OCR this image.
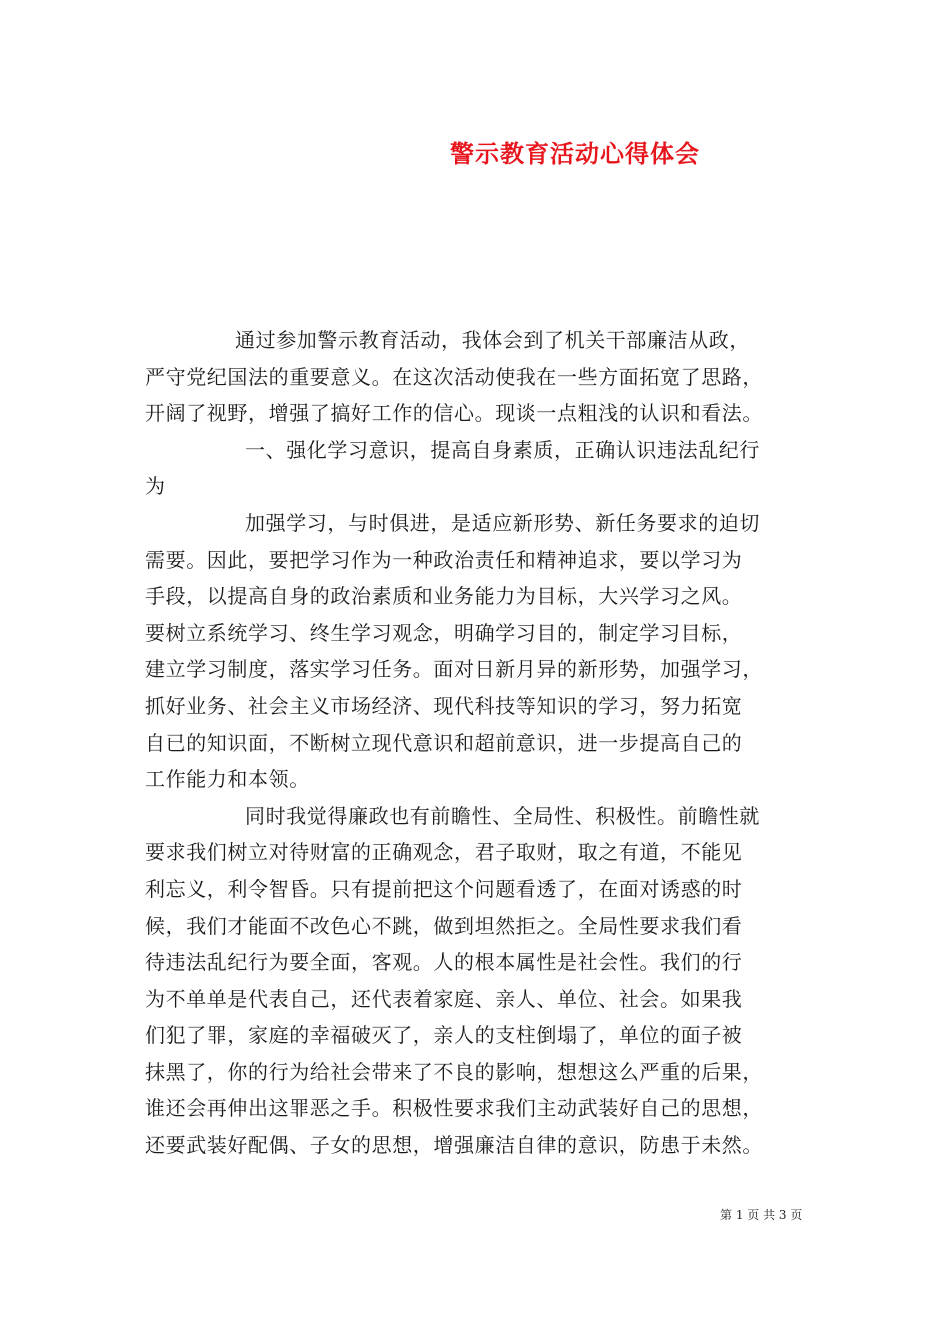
警示教育活动心得体会
通过参加警示教育活动，我体会到了机关干部廉洁从政，
严守党纪国法的重要意义。在这次活动使我在一些方面拓宽了思路，
开阔了视野，增强了搞好工作的信心。现谈一点粗浅的认识和看法。
一、强化学习意识，提高自身素质，正确认识违法乱纪行
为
加强学习，与时俱进，是适应新形势、新任务要求的迫切
需要。因此，要把学习作为一种政治责任和精神追求，要以学习为
手段，以提高自身的政治素质和业务能力为目标，大兴学习之风。
要树立系统学习、终生学习观念，明确学习目的，制定学习目标，
建立学习制度，落实学习任务。面对日新月异的新形势，加强学习，
抓好业务、社会主义市场经济、现代科技等知识的学习，努力拓宽
自已的知识面，不断树立现代意识和超前意识，进一步提高自己的
工作能力和本领。
同时我觉得廉政也有前瞻性、全局性、积极性。前瞻性就
要求我们树立对待财富的正确观念，君子取财，取之有道，不能见
利忘义，利令智昏。只有提前把这个问题看透了，在面对诱惑的时
候，我们才能面不改色心不跳，做到坦然拒之。全局性要求我们看
待违法乱纪行为要全面，客观。人的根本属性是社会性。我们的行
为不单单是代表自己，还代表着家庭、亲人、单位、社会。如果我
们犯了罪，家庭的幸福破灭了，亲人的支柱倒塌了，单位的面子被
抹黑了，你的行为给社会带来了不良的影响，想想这么严重的后果，
谁还会再伸出这罪恶之手。积极性要求我们主动武装好自己的思想，
还要武装好配偶、子女的思想，增强廉洁自律的意识，防患于未然。
第 1 页 共 3 页
